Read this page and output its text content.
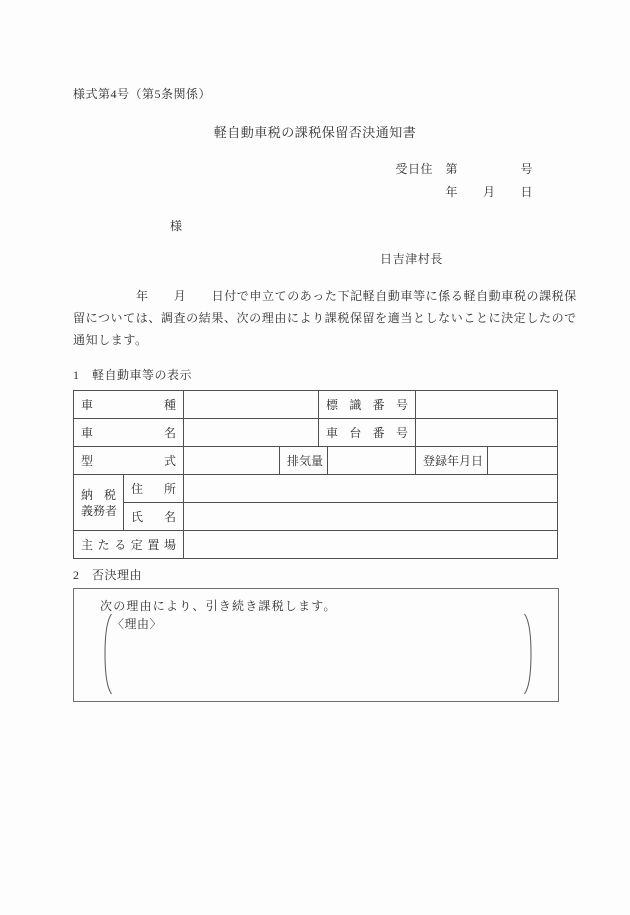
様式第4号（第5条関係）
軽自動車税の課税保留否決通知書
受日住　第　　　　　号
年　　月　　日
様
日吉津村長
　　　　　年　　月　　日付で申立てのあった下記軽自動車等に係る軽自動車税の課税保留については、調査の結果、次の理由により課税保留を適当としないことに決定したので通知します。
1　軽自動車等の表示
車 種				標 識 番 号			
車 名				車 台 番 号			
型 式			排気量			登録年月日	

納 税
義務者	住 所						
	氏 名						
主 た る 定 置 場							
2　否決理由
次の理由により、引き続き課税します。
〈理由〉
